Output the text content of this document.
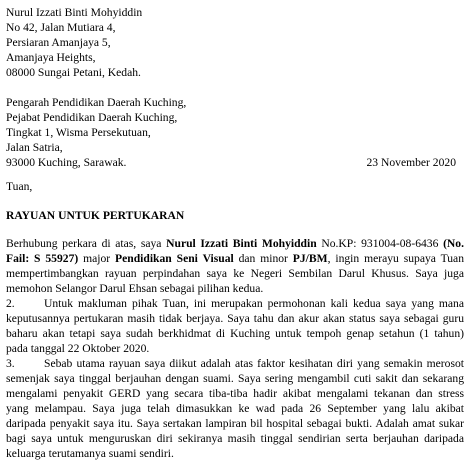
Nurul Izzati Binti Mohyiddin
No 42, Jalan Mutiara 4,
Persiaran Amanjaya 5,
Amanjaya Heights,
08000 Sungai Petani, Kedah.
Pengarah Pendidikan Daerah Kuching,
Pejabat Pendidikan Daerah Kuching,
Tingkat 1, Wisma Persekutuan,
Jalan Satria,
93000 Kuching, Sarawak.	23 November 2020
Tuan,
RAYUAN UNTUK PERTUKARAN
Berhubung perkara di atas, saya Nurul Izzati Binti Mohyiddin No.KP: 931004-08-6436 (No.
Fail: S 55927) major Pendidikan Seni Visual dan minor PJ/BM, ingin merayu supaya Tuan
mempertimbangkan rayuan perpindahan saya ke Negeri Sembilan Darul Khusus. Saya juga
memohon Selangor Darul Ehsan sebagai pilihan kedua.
2.	Untuk makluman pihak Tuan, ini merupakan permohonan kali kedua saya yang mana
keputusannya pertukaran masih tidak berjaya. Saya tahu dan akur akan status saya sebagai guru
baharu akan tetapi saya sudah berkhidmat di Kuching untuk tempoh genap setahun (1 tahun)
pada tanggal 22 Oktober 2020.
3.	Sebab utama rayuan saya diikut adalah atas faktor kesihatan diri yang semakin merosot
semenjak saya tinggal berjauhan dengan suami. Saya sering mengambil cuti sakit dan sekarang
mengalami penyakit GERD yang secara tiba-tiba hadir akibat mengalami tekanan dan stress
yang melampau. Saya juga telah dimasukkan ke wad pada 26 September yang lalu akibat
daripada penyakit saya itu. Saya sertakan lampiran bil hospital sebagai bukti. Adalah amat sukar
bagi saya untuk menguruskan diri sekiranya masih tinggal sendirian serta berjauhan daripada
keluarga terutamanya suami sendiri.
